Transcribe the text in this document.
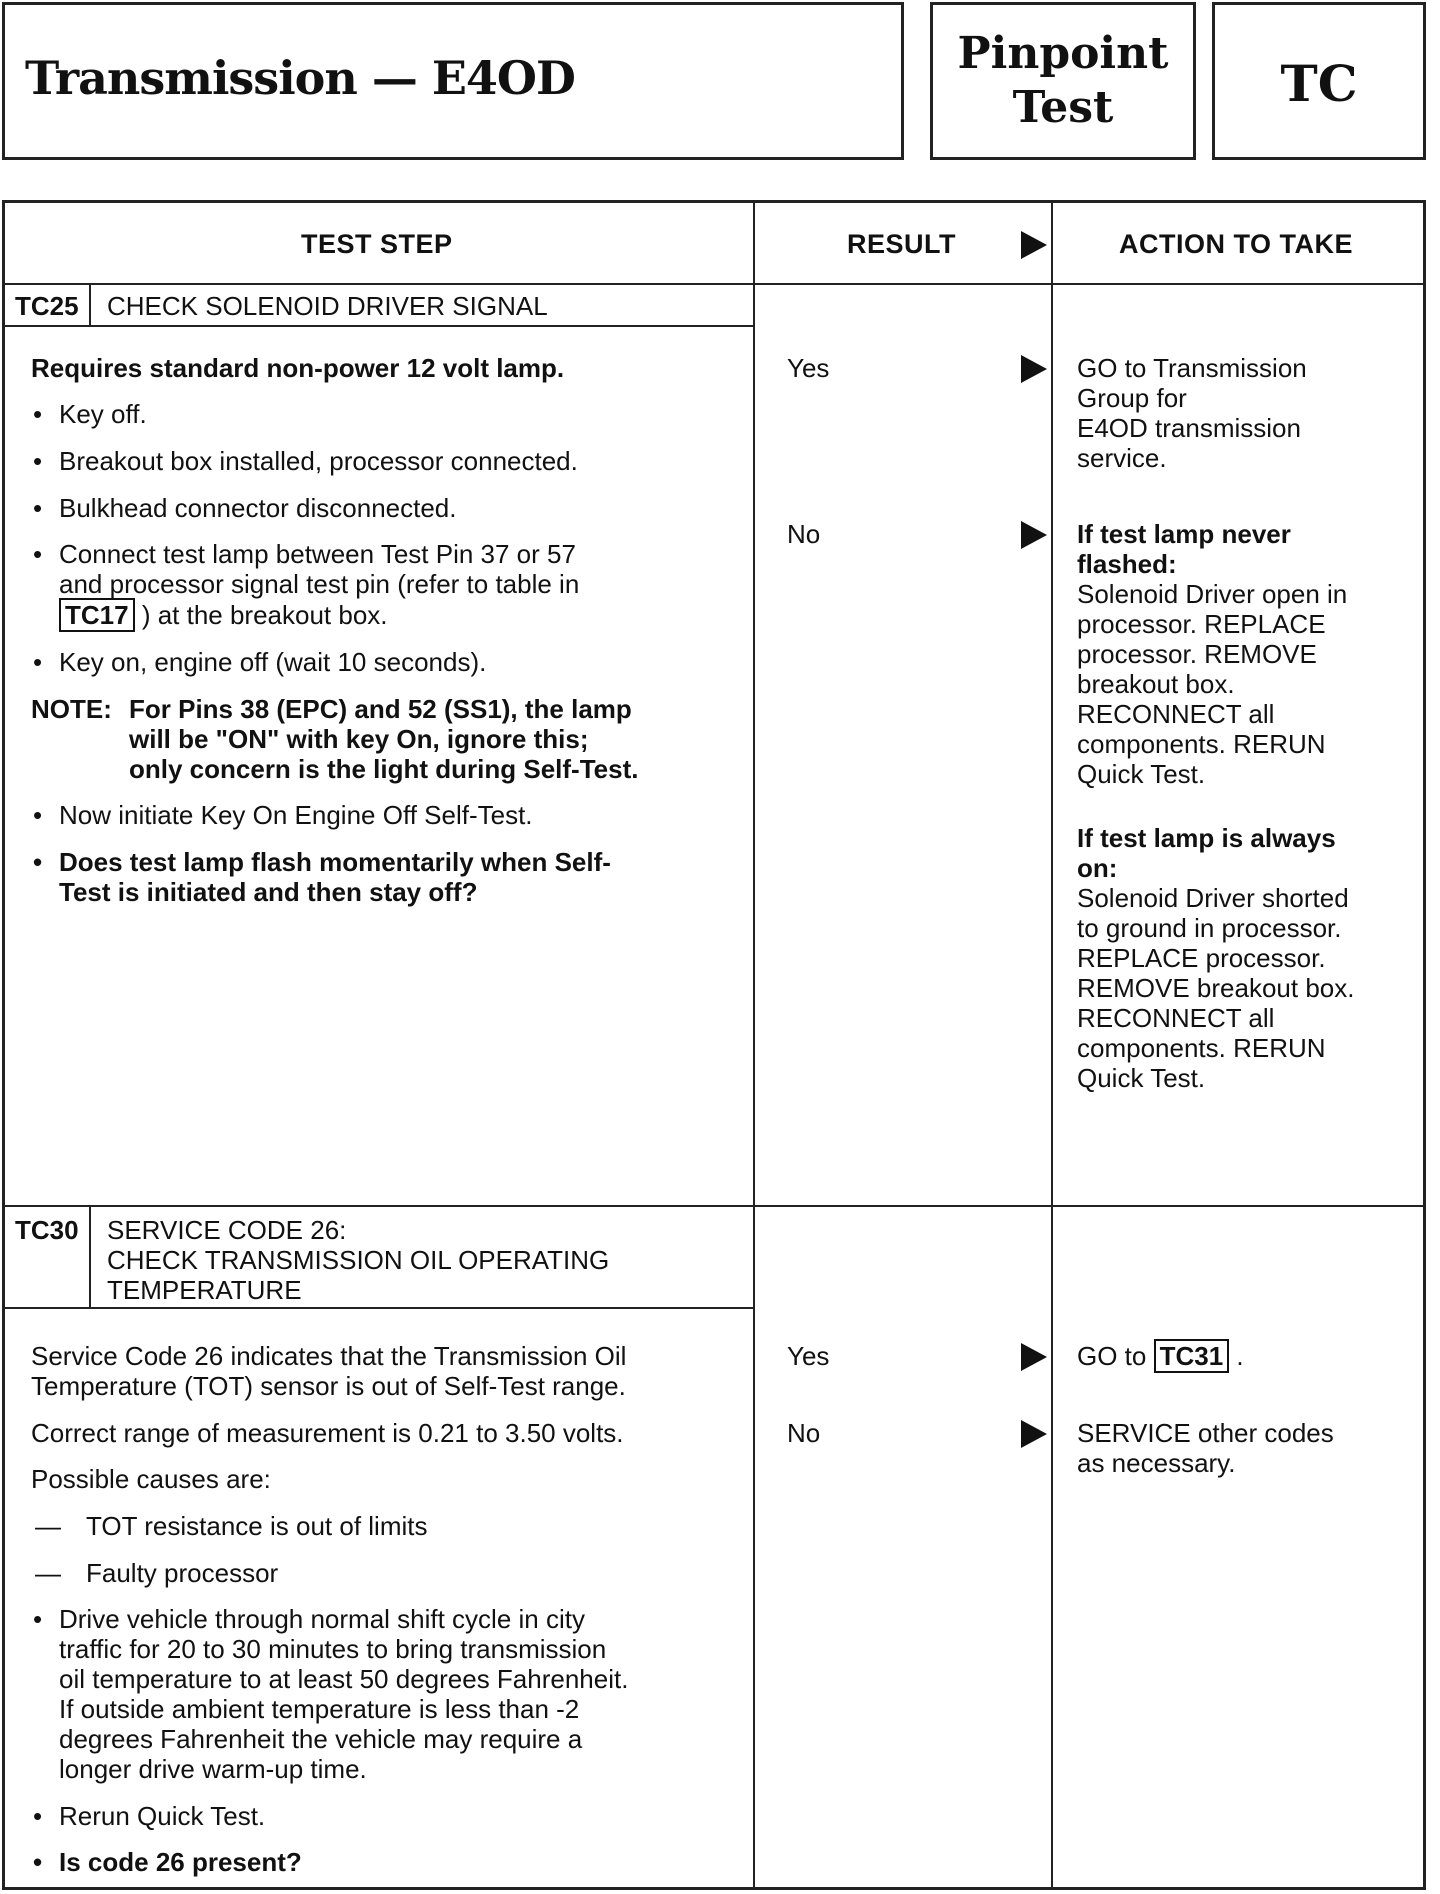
Transmission — E4OD	Pinpoint
Test	TC
TEST STEP	RESULT	ACTION TO TAKE
TC25 CHECK SOLENOID DRIVER SIGNAL
Requires standard non-power 12 volt lamp.
• Key off.
• Breakout box installed, processor connected.
• Bulkhead connector disconnected.
• Connect test lamp between Test Pin 37 or 57
and processor signal test pin (refer to table in
TC17 ) at the breakout box.
• Key on, engine off (wait 10 seconds).
NOTE: For Pins 38 (EPC) and 52 (SS1), the lamp
will be "ON" with key On, ignore this;
only concern is the light during Self-Test.
• Now initiate Key On Engine Off Self-Test.
• Does test lamp flash momentarily when Self-
Test is initiated and then stay off?
Yes	GO to Transmission
Group for
E4OD transmission
service.
No	If test lamp never
flashed:
Solenoid Driver open in
processor. REPLACE
processor. REMOVE
breakout box.
RECONNECT all
components. RERUN
Quick Test.
If test lamp is always
on:
Solenoid Driver shorted
to ground in processor.
REPLACE processor.
REMOVE breakout box.
RECONNECT all
components. RERUN
Quick Test.
TC30 SERVICE CODE 26:
CHECK TRANSMISSION OIL OPERATING
TEMPERATURE
Service Code 26 indicates that the Transmission Oil
Temperature (TOT) sensor is out of Self-Test range.
Correct range of measurement is 0.21 to 3.50 volts.
Possible causes are:
— TOT resistance is out of limits
— Faulty processor
• Drive vehicle through normal shift cycle in city
traffic for 20 to 30 minutes to bring transmission
oil temperature to at least 50 degrees Fahrenheit.
If outside ambient temperature is less than -2
degrees Fahrenheit the vehicle may require a
longer drive warm-up time.
• Rerun Quick Test.
• Is code 26 present?
Yes	GO to TC31 .
No	SERVICE other codes
as necessary.
